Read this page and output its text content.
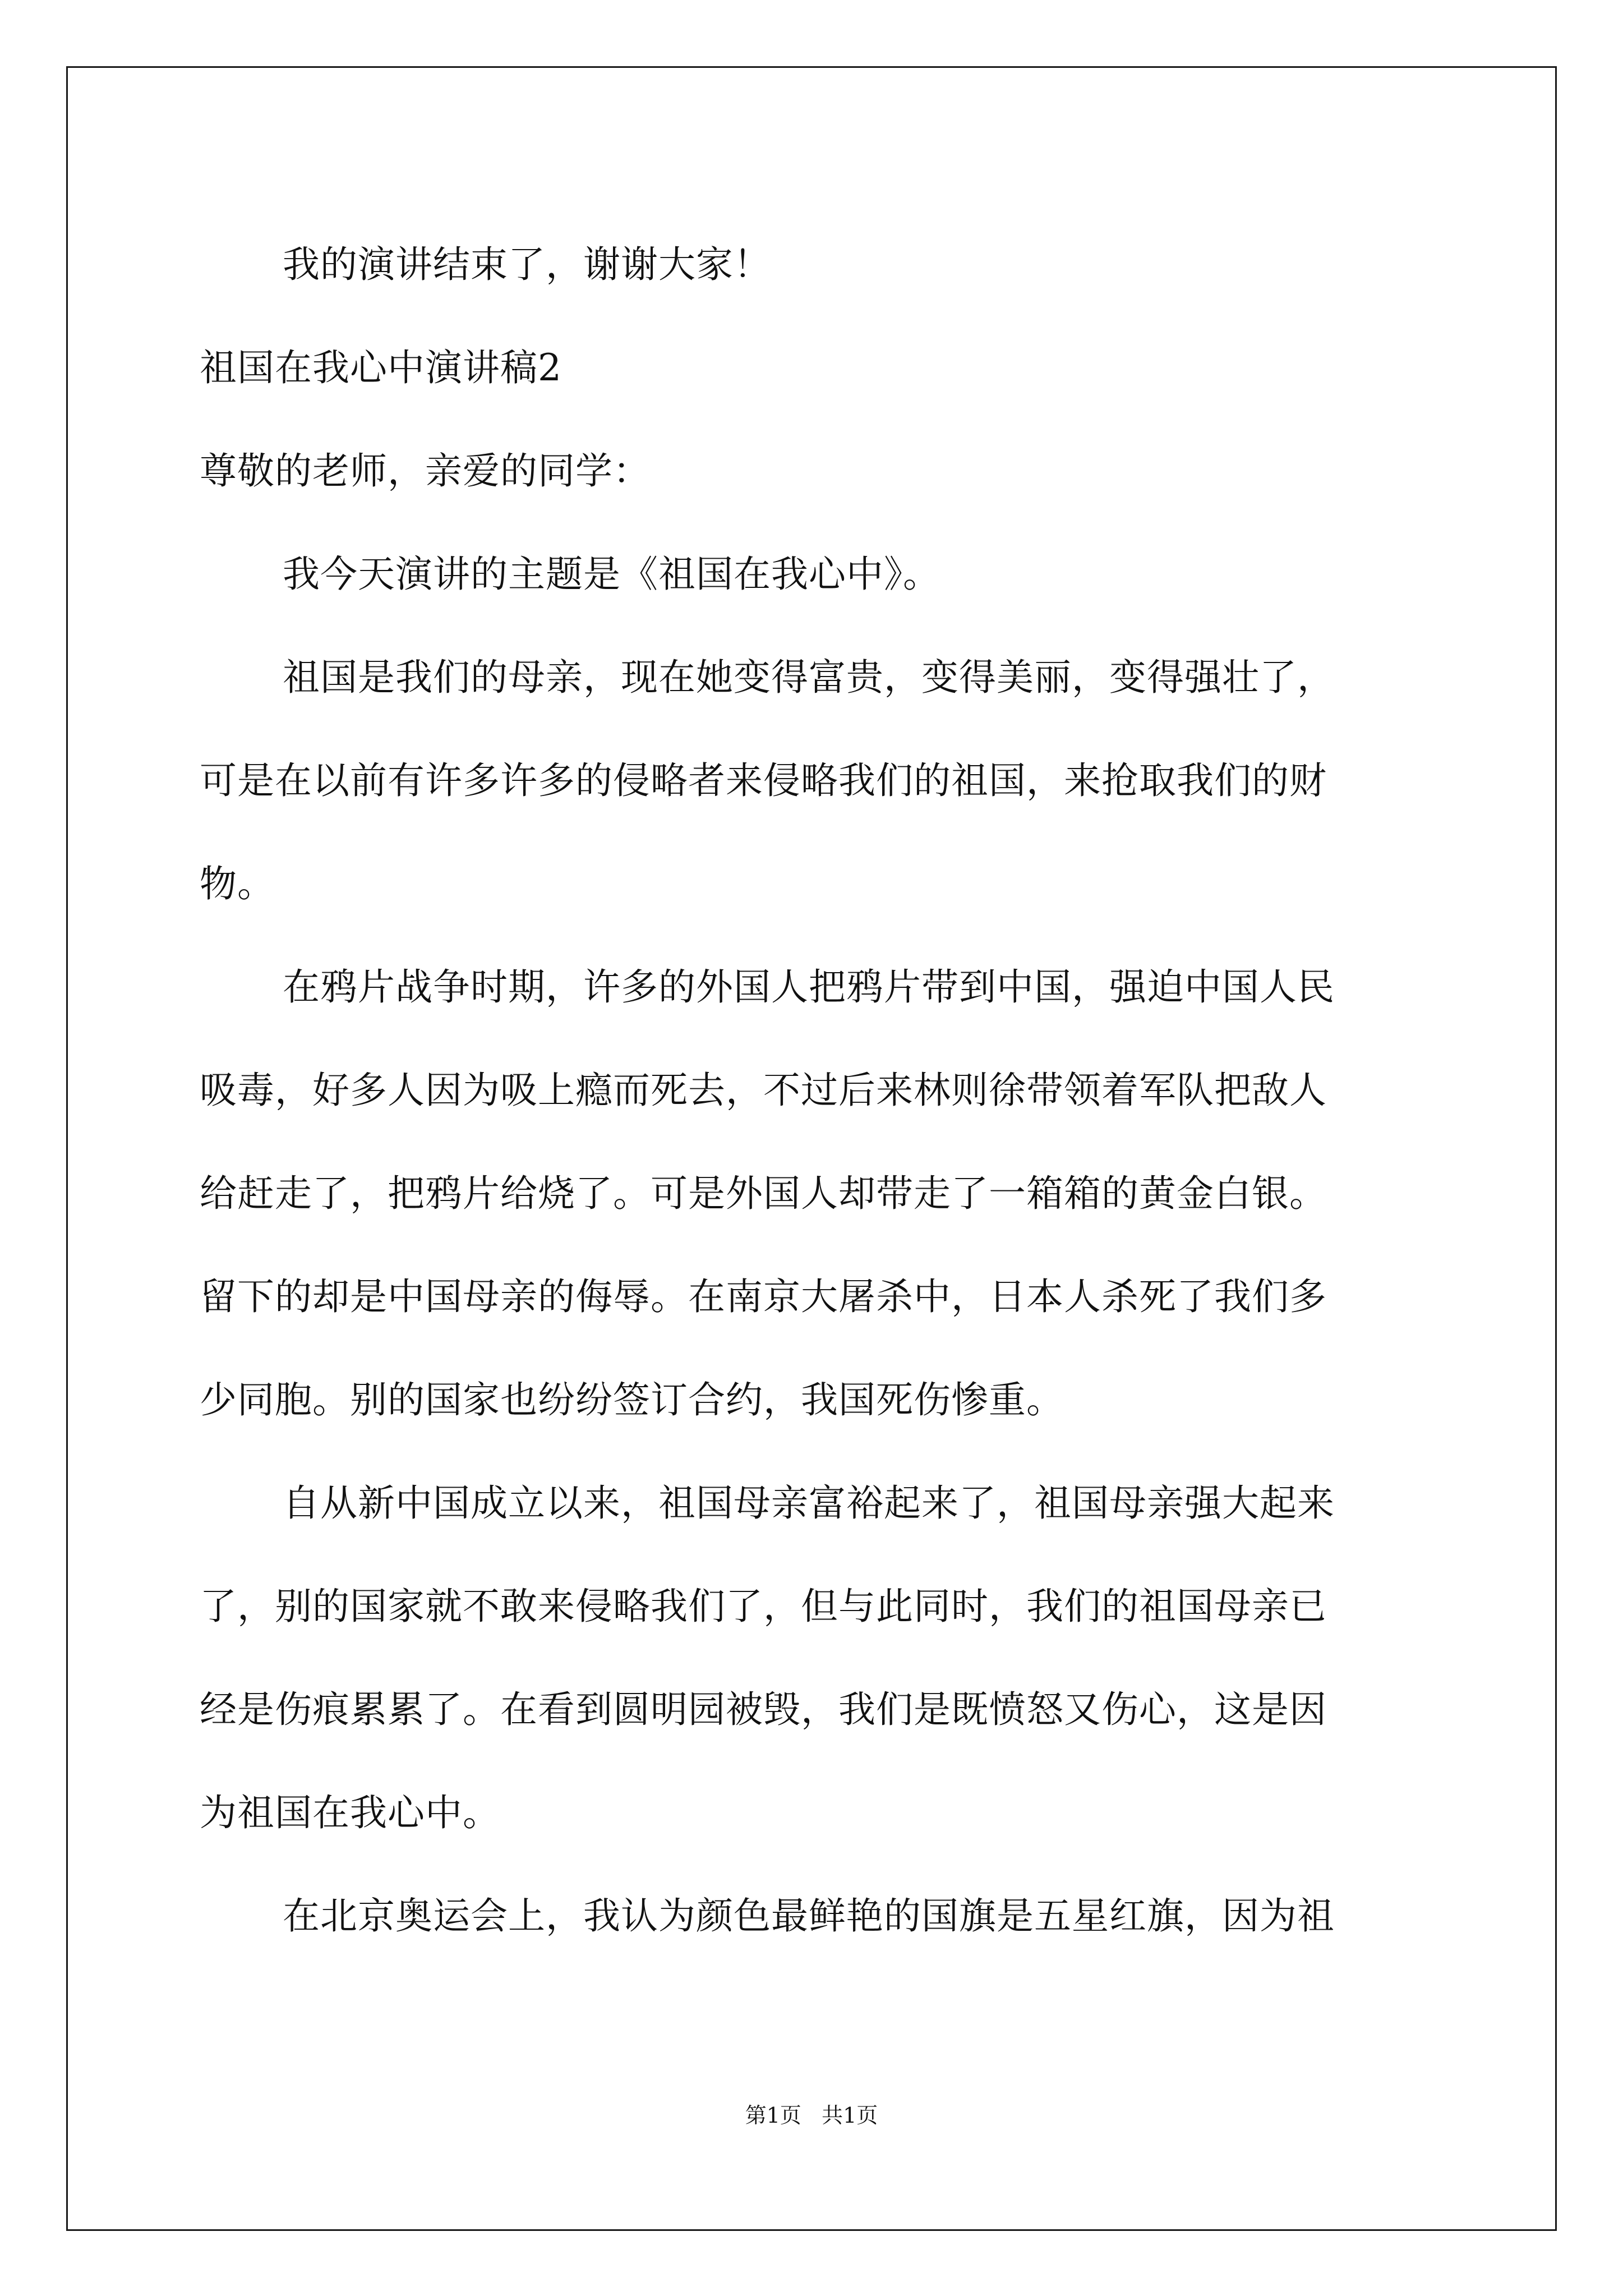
我的演讲结束了，谢谢大家！
祖国在我心中演讲稿2
尊敬的老师，亲爱的同学：
我今天演讲的主题是《祖国在我心中》。
祖国是我们的母亲，现在她变得富贵，变得美丽，变得强壮了，
可是在以前有许多许多的侵略者来侵略我们的祖国，来抢取我们的财
物。
在鸦片战争时期，许多的外国人把鸦片带到中国，强迫中国人民
吸毒，好多人因为吸上瘾而死去，不过后来林则徐带领着军队把敌人
给赶走了，把鸦片给烧了。可是外国人却带走了一箱箱的黄金白银。
留下的却是中国母亲的侮辱。在南京大屠杀中，日本人杀死了我们多
少同胞。别的国家也纷纷签订合约，我国死伤惨重。
自从新中国成立以来，祖国母亲富裕起来了，祖国母亲强大起来
了，别的国家就不敢来侵略我们了，但与此同时，我们的祖国母亲已
经是伤痕累累了。在看到圆明园被毁，我们是既愤怒又伤心，这是因
为祖国在我心中。
在北京奥运会上，我认为颜色最鲜艳的国旗是五星红旗，因为祖
第1页   共1页
